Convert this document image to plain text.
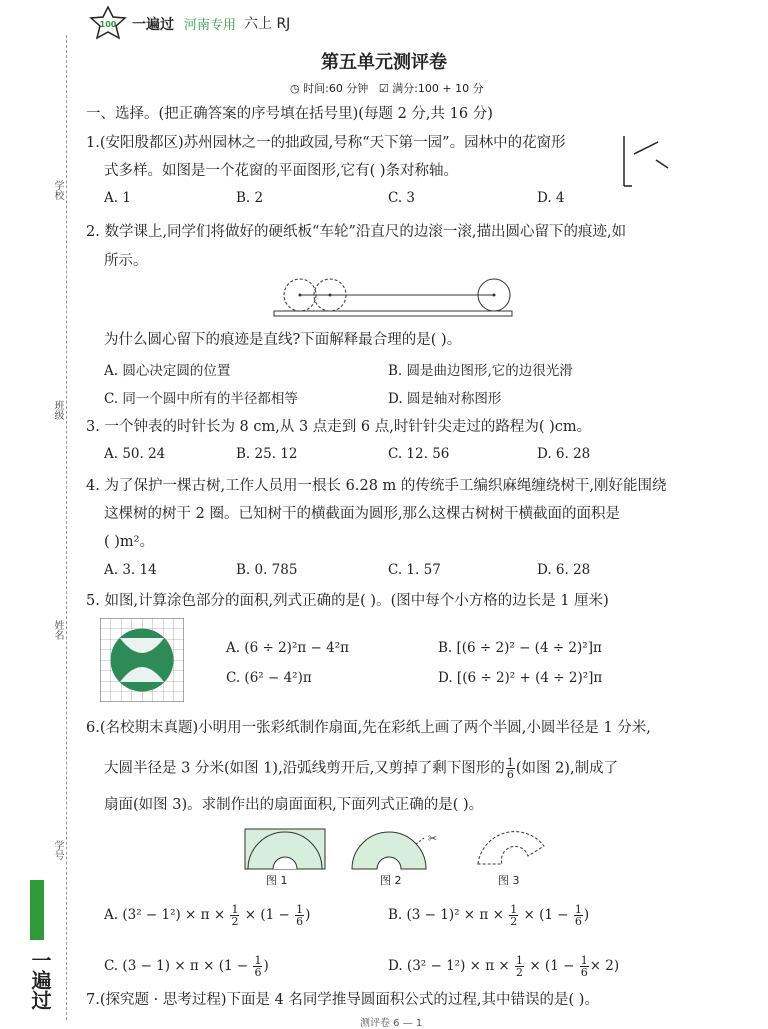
学校
班级
姓名
学号
一遍过
100 一遍过 河南专用 六上 RJ
第五单元测评卷
◷ 时间:60 分钟 ☑ 满分:100 + 10 分
一、选择。(把正确答案的序号填在括号里)(每题 2 分,共 16 分)
1.(安阳殷都区)苏州园林之一的拙政园,号称“天下第一园”。园林中的花窗形
式多样。如图是一个花窗的平面图形,它有( )条对称轴。
A. 1	B. 2	C. 3	D. 4
2. 数学课上,同学们将做好的硬纸板“车轮”沿直尺的边滚一滚,描出圆心留下的痕迹,如
所示。
为什么圆心留下的痕迹是直线?下面解释最合理的是( )。
A. 圆心决定圆的位置	B. 圆是曲边图形,它的边很光滑
C. 同一个圆中所有的半径都相等	D. 圆是轴对称图形
3. 一个钟表的时针长为 8 cm,从 3 点走到 6 点,时针针尖走过的路程为( )cm。
A. 50. 24	B. 25. 12	C. 12. 56	D. 6. 28
4. 为了保护一棵古树,工作人员用一根长 6.28 m 的传统手工编织麻绳缠绕树干,刚好能围绕
这棵树的树干 2 圈。已知树干的横截面为圆形,那么这棵古树树干横截面的面积是
( )m²。
A. 3. 14	B. 0. 785	C. 1. 57	D. 6. 28
5. 如图,计算涂色部分的面积,列式正确的是( )。(图中每个小方格的边长是 1 厘米)
A. (6 ÷ 2)²π − 4²π	B. [(6 ÷ 2)² − (4 ÷ 2)²]π
C. (6² − 4²)π	D. [(6 ÷ 2)² + (4 ÷ 2)²]π
6.(名校期末真题)小明用一张彩纸制作扇面,先在彩纸上画了两个半圆,小圆半径是 1 分米,
大圆半径是 3 分米(如图 1),沿弧线剪开后,又剪掉了剩下图形的 $\frac{1}{6}$ (如图 2),制成了
扇面(如图 3)。求制作出的扇面面积,下面列式正确的是( )。
图 1
✂
图 2	图 3
A. $(3^2 - 1^2) \times \pi \times \frac{1}{2} \times (1 - \frac{1}{6}$ )	B. $(3 - 1)^2 \times \pi \times \frac{1}{2} \times (1 - \frac{1}{6}$ )
C. $(3 - 1) \times \pi \times (1 - \frac{1}{6}$ )	D. $(3^2 - 1^2) \times \pi \times \frac{1}{2} \times (1 - \frac{1}{6} \times 2)$
7.(探究题 · 思考过程)下面是 4 名同学推导圆面积公式的过程,其中错误的是( )。
测评卷 6 — 1
